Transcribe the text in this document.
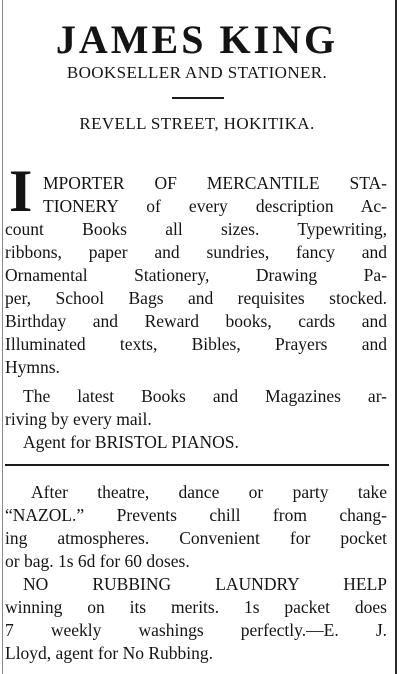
JAMES KING
BOOKSELLER AND STATIONER.
REVELL STREET, HOKITIKA.
I MPORTER OF MERCANTILE STA-
TIONERY of every description Ac-
count Books all sizes. Typewriting,
ribbons, paper and sundries, fancy and
Ornamental Stationery, Drawing Pa-
per, School Bags and requisites stocked.
Birthday and Reward books, cards and
Illuminated texts, Bibles, Prayers and
Hymns.
The latest Books and Magazines ar-
riving by every mail.
Agent for BRISTOL PIANOS.
After theatre, dance or party take
“NAZOL.” Prevents chill from chang-
ing atmospheres. Convenient for pocket
or bag. 1s 6d for 60 doses.
NO RUBBING LAUNDRY HELP
winning on its merits. 1s packet does
7 weekly washings perfectly.—E. J.
Lloyd, agent for No Rubbing.
